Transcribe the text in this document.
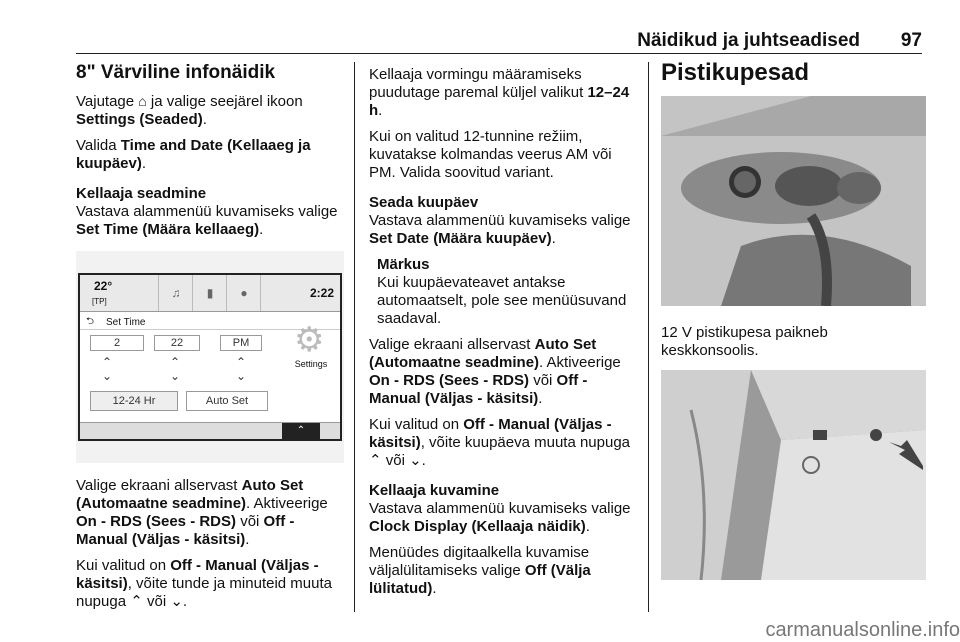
Näidikud ja juhtseadised 97
8" Värviline infonäidik

Vajutage ⌂ ja valige seejärel ikoon Settings (Seaded).

Valida Time and Date (Kellaaeg ja kuupäev).

Kellaaja seadmine

Vastava alammenüü kuvamiseks valige Set Time (Määra kellaaeg).

22°
[TP]
♫	▮	●	2:22
⮌ Set Time
2	22	PM
⌃
⌄
⌃
⌄
⌃
⌄
⚙
Settings
12-24 Hr	Auto Set
⌃

Valige ekraani allservast Auto Set (Automaatne seadmine). Aktiveerige On - RDS (Sees - RDS) või Off - Manual (Väljas - käsitsi).

Kui valitud on Off - Manual (Väljas - käsitsi), võite tunde ja minuteid muuta nupuga ⌃ või ⌄.

Kellaaja vormingu määramiseks puudutage paremal küljel valikut 12–24 h.

Kui on valitud 12-tunnine režiim, kuvatakse kolmandas veerus AM või PM. Valida soovitud variant.

Seada kuupäev

Vastava alammenüü kuvamiseks valige Set Date (Määra kuupäev).

Märkus

Kui kuupäevateavet antakse automaatselt, pole see menüüsuvand saadaval.

Valige ekraani allservast Auto Set (Automaatne seadmine). Aktiveerige On - RDS (Sees - RDS) või Off - Manual (Väljas - käsitsi).

Kui valitud on Off - Manual (Väljas - käsitsi), võite kuupäeva muuta nupuga ⌃ või ⌄.

Kellaaja kuvamine

Vastava alammenüü kuvamiseks valige Clock Display (Kellaaja näidik).

Menüüdes digitaalkella kuvamise väljalülitamiseks valige Off (Välja lülitatud).

Pistikupesad

12 V pistikupesa paikneb keskkonsoolis.

carmanualsonline.info
